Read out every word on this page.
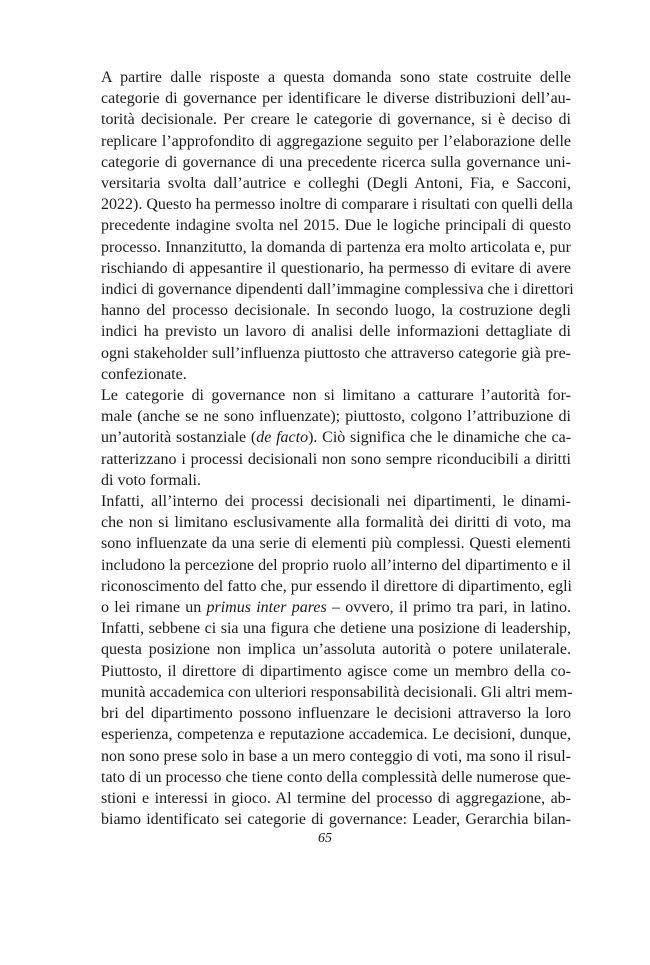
A partire dalle risposte a questa domanda sono state costruite delle
categorie di governance per identificare le diverse distribuzioni dell’au-
torità decisionale. Per creare le categorie di governance, si è deciso di
replicare l’approfondito di aggregazione seguito per l’elaborazione delle
categorie di governance di una precedente ricerca sulla governance uni-
versitaria svolta dall’autrice e colleghi (Degli Antoni, Fia, e Sacconi,
2022). Questo ha permesso inoltre di comparare i risultati con quelli della
precedente indagine svolta nel 2015. Due le logiche principali di questo
processo. Innanzitutto, la domanda di partenza era molto articolata e, pur
rischiando di appesantire il questionario, ha permesso di evitare di avere
indici di governance dipendenti dall’immagine complessiva che i direttori
hanno del processo decisionale. In secondo luogo, la costruzione degli
indici ha previsto un lavoro di analisi delle informazioni dettagliate di
ogni stakeholder sull’influenza piuttosto che attraverso categorie già pre-
confezionate.

Le categorie di governance non si limitano a catturare l’autorità for-
male (anche se ne sono influenzate); piuttosto, colgono l’attribuzione di
un’autorità sostanziale (de facto). Ciò significa che le dinamiche che ca-
ratterizzano i processi decisionali non sono sempre riconducibili a diritti
di voto formali.

Infatti, all’interno dei processi decisionali nei dipartimenti, le dinami-
che non si limitano esclusivamente alla formalità dei diritti di voto, ma
sono influenzate da una serie di elementi più complessi. Questi elementi
includono la percezione del proprio ruolo all’interno del dipartimento e il
riconoscimento del fatto che, pur essendo il direttore di dipartimento, egli
o lei rimane un primus inter pares – ovvero, il primo tra pari, in latino.
Infatti, sebbene ci sia una figura che detiene una posizione di leadership,
questa posizione non implica un’assoluta autorità o potere unilaterale.
Piuttosto, il direttore di dipartimento agisce come un membro della co-
munità accademica con ulteriori responsabilità decisionali. Gli altri mem-
bri del dipartimento possono influenzare le decisioni attraverso la loro
esperienza, competenza e reputazione accademica. Le decisioni, dunque,
non sono prese solo in base a un mero conteggio di voti, ma sono il risul-
tato di un processo che tiene conto della complessità delle numerose que-
stioni e interessi in gioco. Al termine del processo di aggregazione, ab-
biamo identificato sei categorie di governance: Leader, Gerarchia bilan-

65
